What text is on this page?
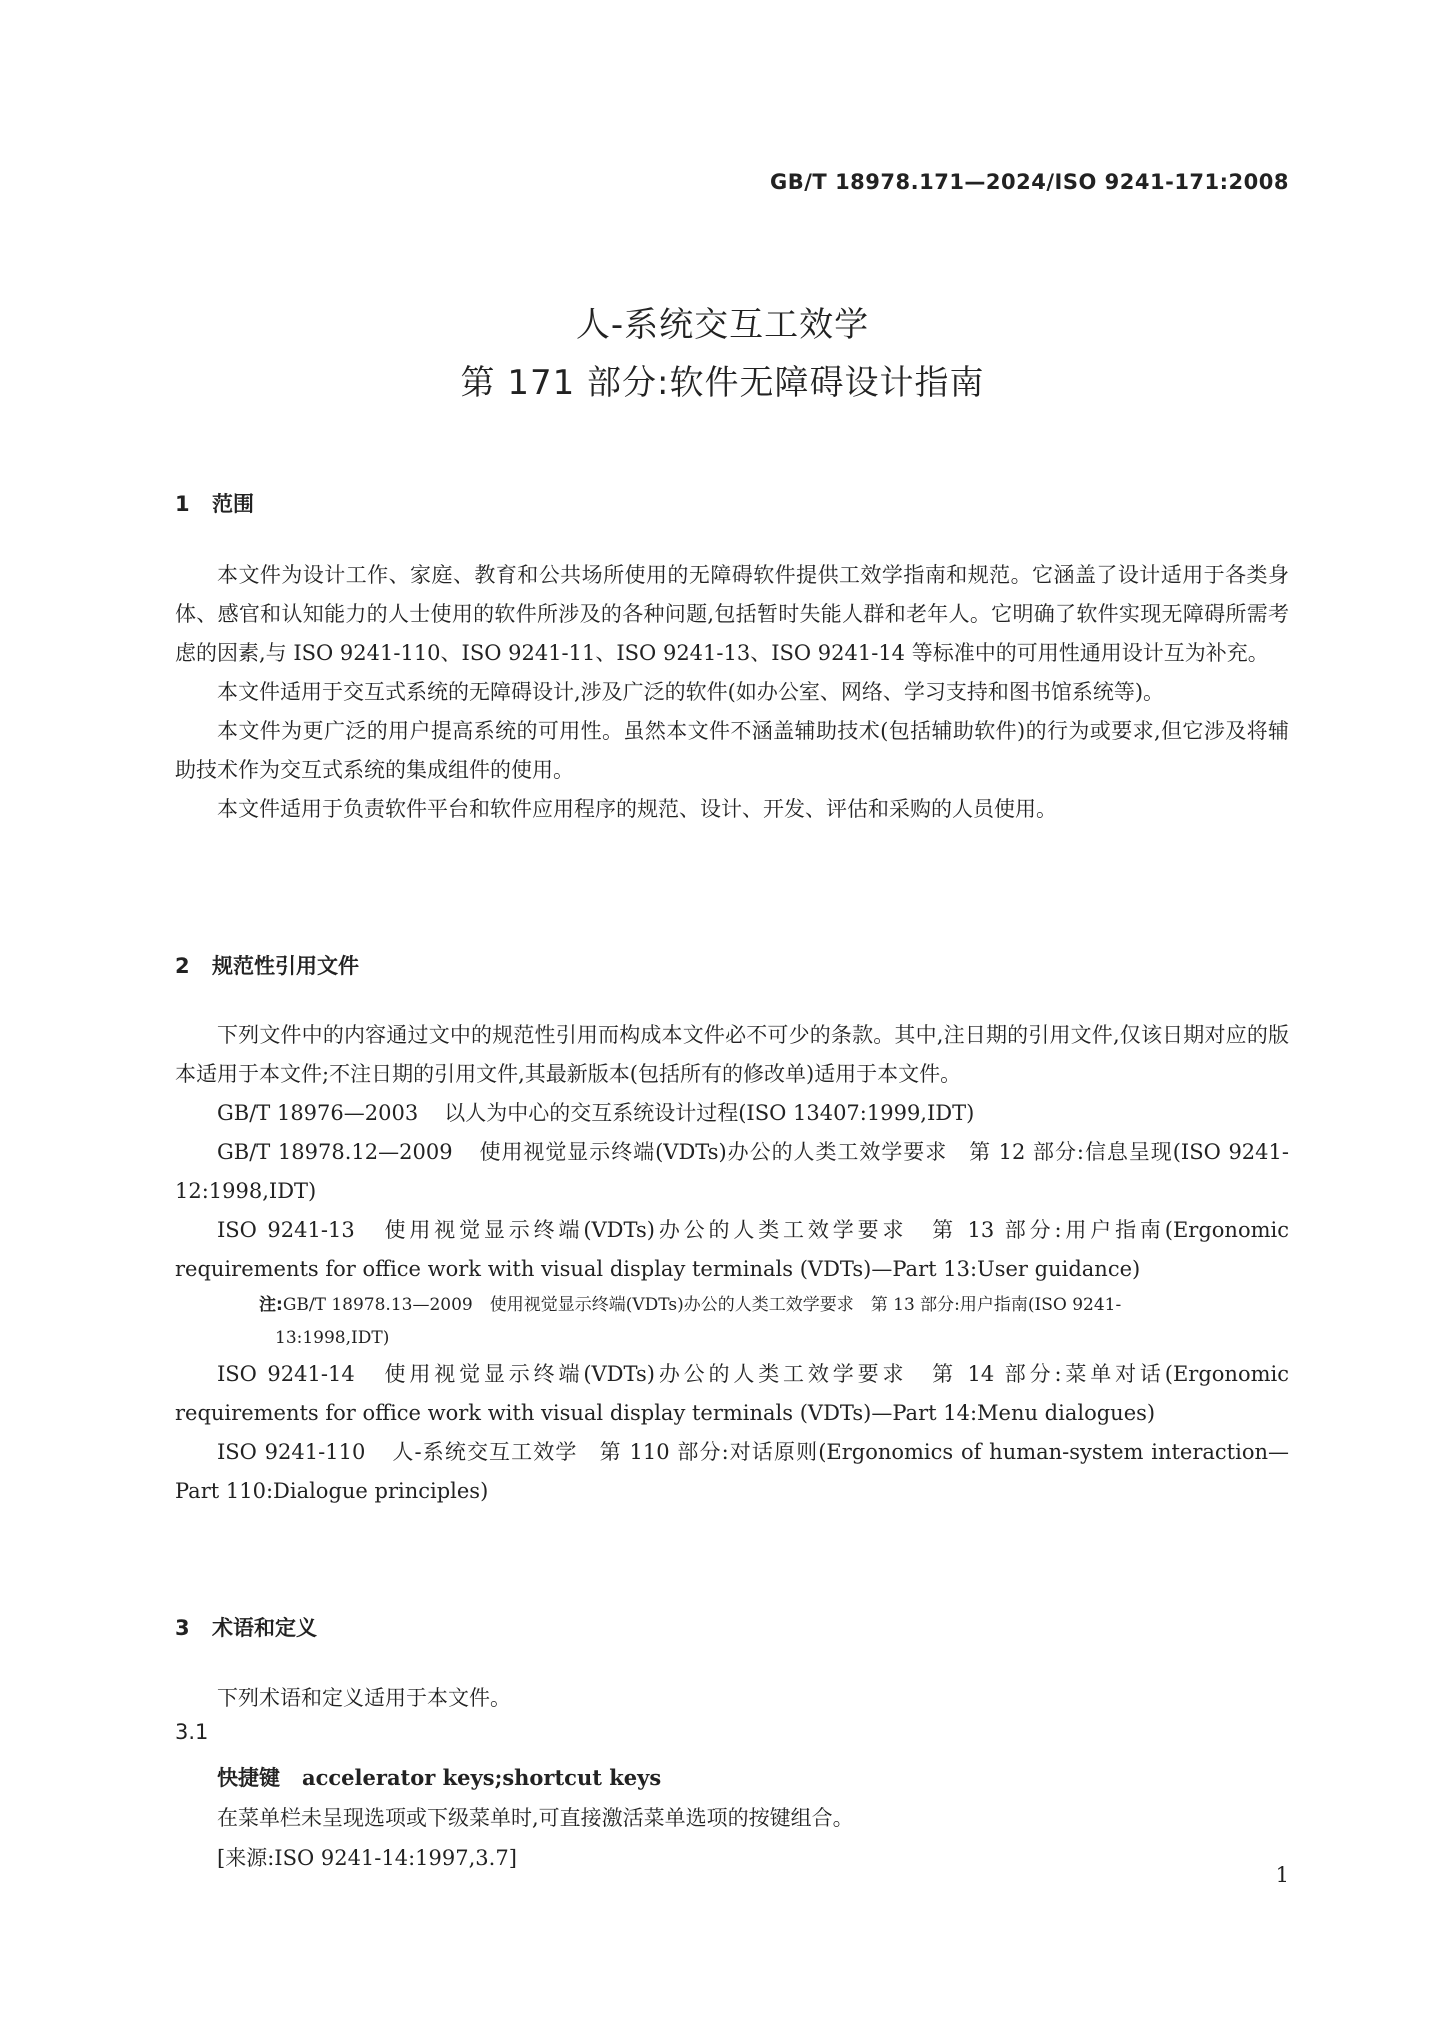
GB/T 18978.171—2024/ISO 9241-171:2008
人-系统交互工效学
第 171 部分:软件无障碍设计指南
1 范围

本文件为设计工作、家庭、教育和公共场所使用的无障碍软件提供工效学指南和规范。它涵盖了设计适用于各类身体、感官和认知能力的人士使用的软件所涉及的各种问题,包括暂时失能人群和老年人。它明确了软件实现无障碍所需考虑的因素,与 ISO 9241-110、ISO 9241-11、ISO 9241-13、ISO 9241-14 等标准中的可用性通用设计互为补充。

本文件适用于交互式系统的无障碍设计,涉及广泛的软件(如办公室、网络、学习支持和图书馆系统等)。

本文件为更广泛的用户提高系统的可用性。虽然本文件不涵盖辅助技术(包括辅助软件)的行为或要求,但它涉及将辅助技术作为交互式系统的集成组件的使用。

本文件适用于负责软件平台和软件应用程序的规范、设计、开发、评估和采购的人员使用。

2 规范性引用文件

下列文件中的内容通过文中的规范性引用而构成本文件必不可少的条款。其中,注日期的引用文件,仅该日期对应的版本适用于本文件;不注日期的引用文件,其最新版本(包括所有的修改单)适用于本文件。

GB/T 18976—2003 以人为中心的交互系统设计过程(ISO 13407:1999,IDT)

GB/T 18978.12—2009 使用视觉显示终端(VDTs)办公的人类工效学要求　第 12 部分:信息呈现(ISO 9241-12:1998,IDT)

ISO 9241-13 使用视觉显示终端(VDTs)办公的人类工效学要求　第 13 部分:用户指南(Ergonomic requirements for office work with visual display terminals (VDTs)—Part 13:User guidance)

注:GB/T 18978.13—2009　使用视觉显示终端(VDTs)办公的人类工效学要求　第 13 部分:用户指南(ISO 9241-

13:1998,IDT)

ISO 9241-14 使用视觉显示终端(VDTs)办公的人类工效学要求　第 14 部分:菜单对话(Ergonomic requirements for office work with visual display terminals (VDTs)—Part 14:Menu dialogues)

ISO 9241-110 人-系统交互工效学　第 110 部分:对话原则(Ergonomics of human-system interaction—Part 110:Dialogue principles)

3 术语和定义

下列术语和定义适用于本文件。

3.1
快捷键 accelerator keys;shortcut keys
在菜单栏未呈现选项或下级菜单时,可直接激活菜单选项的按键组合。
[来源:ISO 9241-14:1997,3.7]
1
